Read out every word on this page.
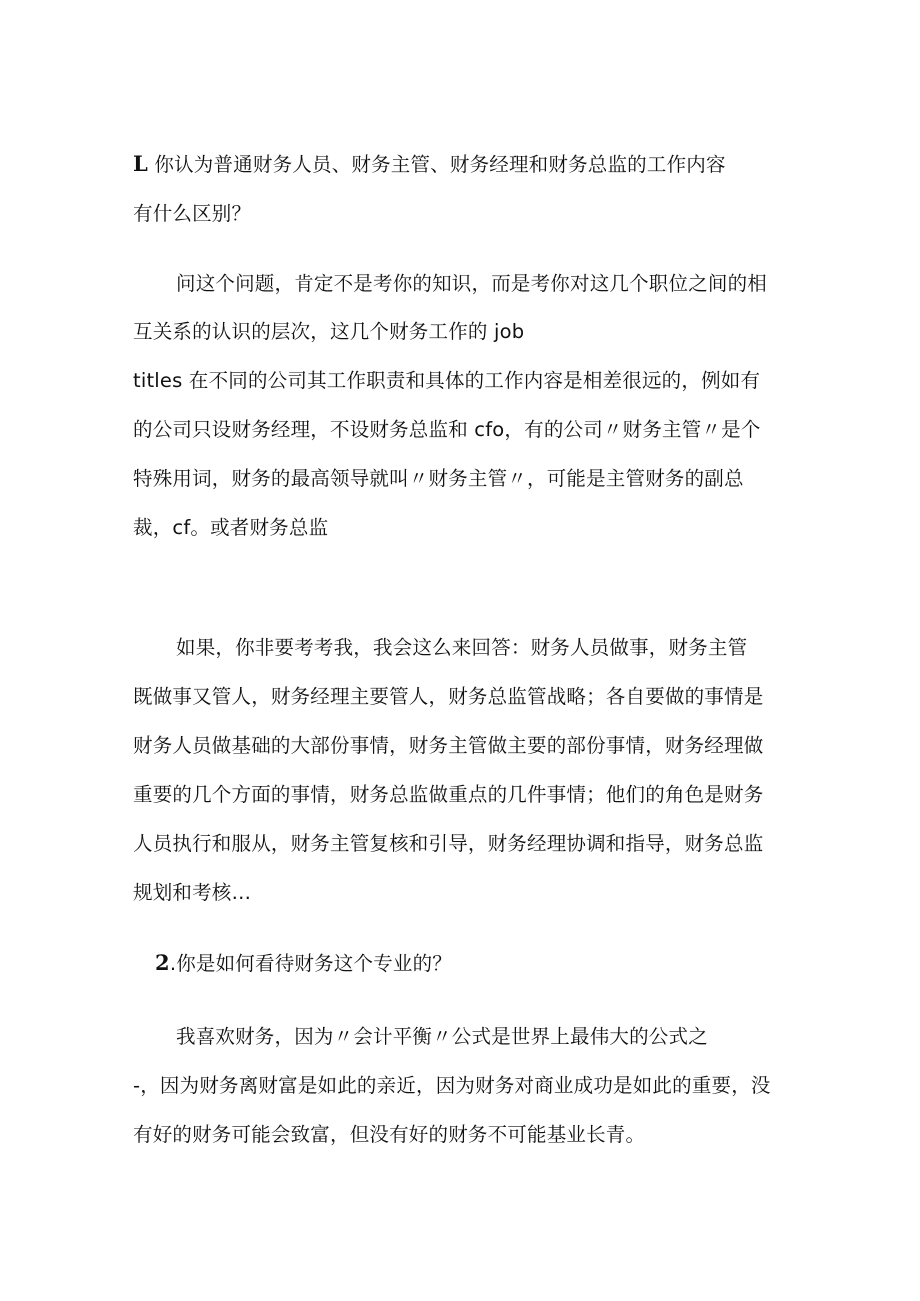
L 你认为普通财务人员、财务主管、财务经理和财务总监的工作内容
有什么区别？
问这个问题，肯定不是考你的知识，而是考你对这几个职位之间的相
互关系的认识的层次，这几个财务工作的 job
titles 在不同的公司其工作职责和具体的工作内容是相差很远的，例如有
的公司只设财务经理，不设财务总监和 cfo，有的公司〃财务主管〃是个
特殊用词，财务的最高领导就叫〃财务主管〃，可能是主管财务的副总
裁，cf。或者财务总监
如果，你非要考考我，我会这么来回答：财务人员做事，财务主管
既做事又管人，财务经理主要管人，财务总监管战略；各自要做的事情是
财务人员做基础的大部份事情，财务主管做主要的部份事情，财务经理做
重要的几个方面的事情，财务总监做重点的几件事情；他们的角色是财务
人员执行和服从，财务主管复核和引导，财务经理协调和指导，财务总监
规划和考核…
2.你是如何看待财务这个专业的？
我喜欢财务，因为〃会计平衡〃公式是世界上最伟大的公式之
-，因为财务离财富是如此的亲近，因为财务对商业成功是如此的重要，没
有好的财务可能会致富，但没有好的财务不可能基业长青。
